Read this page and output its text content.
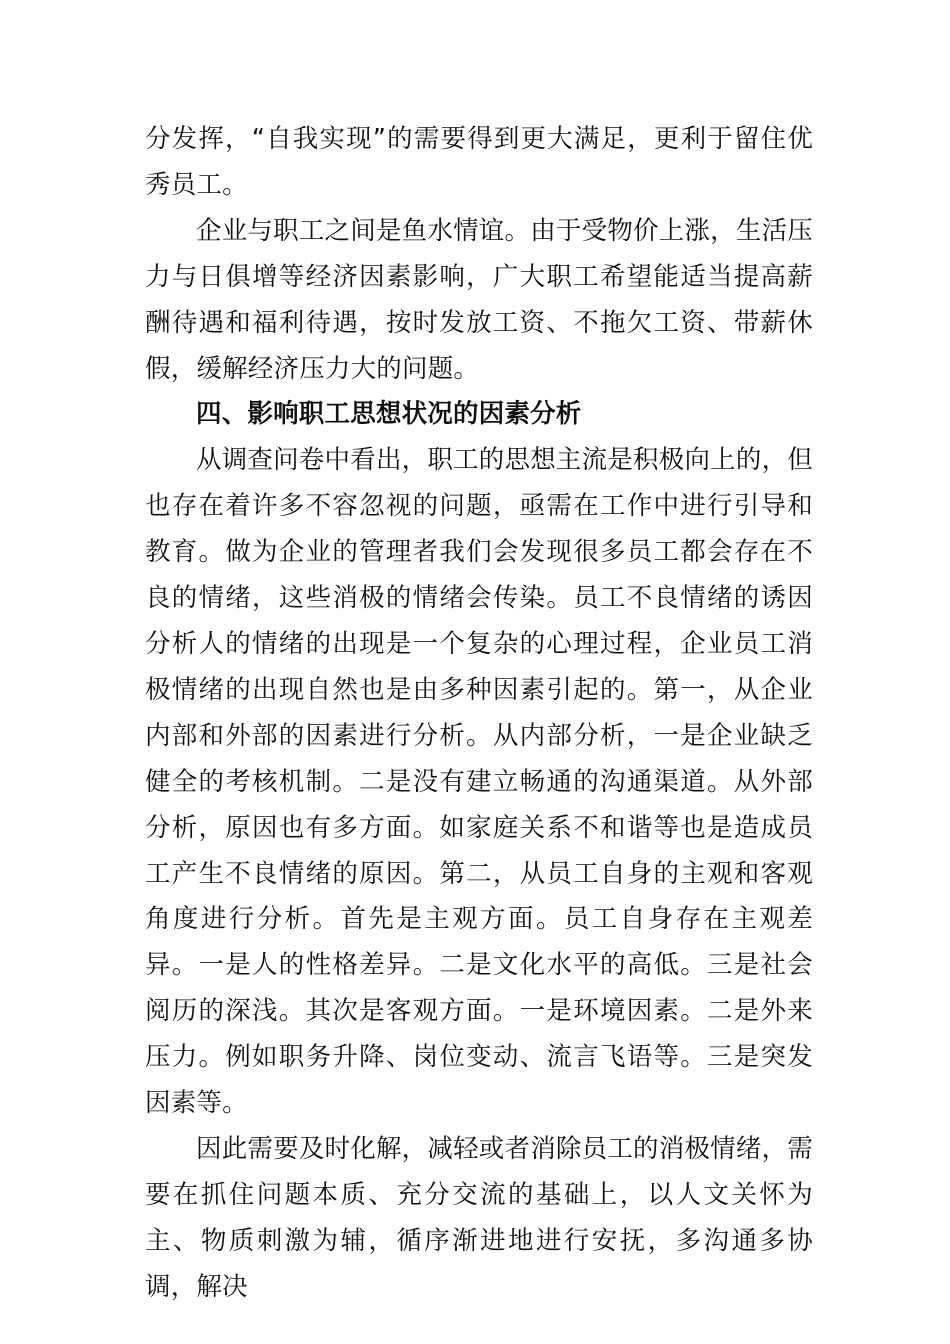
分发挥，“自我实现”的需要得到更大满足，更利于留住优秀员工。

企业与职工之间是鱼水情谊。由于受物价上涨，生活压力与日俱增等经济因素影响，广大职工希望能适当提高薪酬待遇和福利待遇，按时发放工资、不拖欠工资、带薪休假，缓解经济压力大的问题。

四、影响职工思想状况的因素分析

从调查问卷中看出，职工的思想主流是积极向上的，但也存在着许多不容忽视的问题，亟需在工作中进行引导和教育。做为企业的管理者我们会发现很多员工都会存在不良的情绪，这些消极的情绪会传染。员工不良情绪的诱因分析人的情绪的出现是一个复杂的心理过程，企业员工消极情绪的出现自然也是由多种因素引起的。第一，从企业内部和外部的因素进行分析。从内部分析，一是企业缺乏健全的考核机制。二是没有建立畅通的沟通渠道。从外部分析，原因也有多方面。如家庭关系不和谐等也是造成员工产生不良情绪的原因。第二，从员工自身的主观和客观角度进行分析。首先是主观方面。员工自身存在主观差异。一是人的性格差异。二是文化水平的高低。三是社会阅历的深浅。其次是客观方面。一是环境因素。二是外来压力。例如职务升降、岗位变动、流言飞语等。三是突发因素等。

因此需要及时化解，减轻或者消除员工的消极情绪，需要在抓住问题本质、充分交流的基础上，以人文关怀为主、物质刺激为辅，循序渐进地进行安抚，多沟通多协调，解决
